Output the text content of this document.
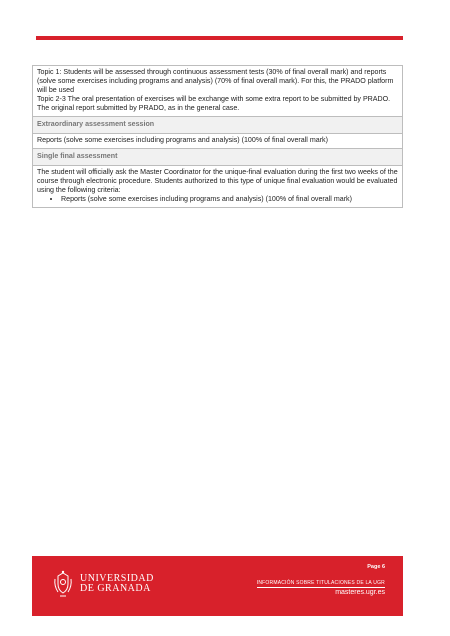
Topic 1: Students will be assessed through continuous assessment tests (30% of final overall mark) and reports (solve some exercises including programs and analysis) (70% of final overall mark). For this, the PRADO platform will be used

Topic 2-3 The oral presentation of exercises will be exchange with some extra report to be submitted by PRADO. The original report submitted by PRADO, as in the general case.

Extraordinary assessment session
Reports (solve some exercises including programs and analysis) (100% of final overall mark)
Single final assessment

The student will officially ask the Master Coordinator for the unique-final evaluation during the first two weeks of the course through electronic procedure. Students authorized to this type of unique final evaluation would be evaluated using the following criteria:

• Reports (solve some exercises including programs and analysis) (100% of final overall mark)
UNIVERSIDAD
DE GRANADA
Page 6
INFORMACIÓN SOBRE TITULACIONES DE LA UGR
masteres.ugr.es
